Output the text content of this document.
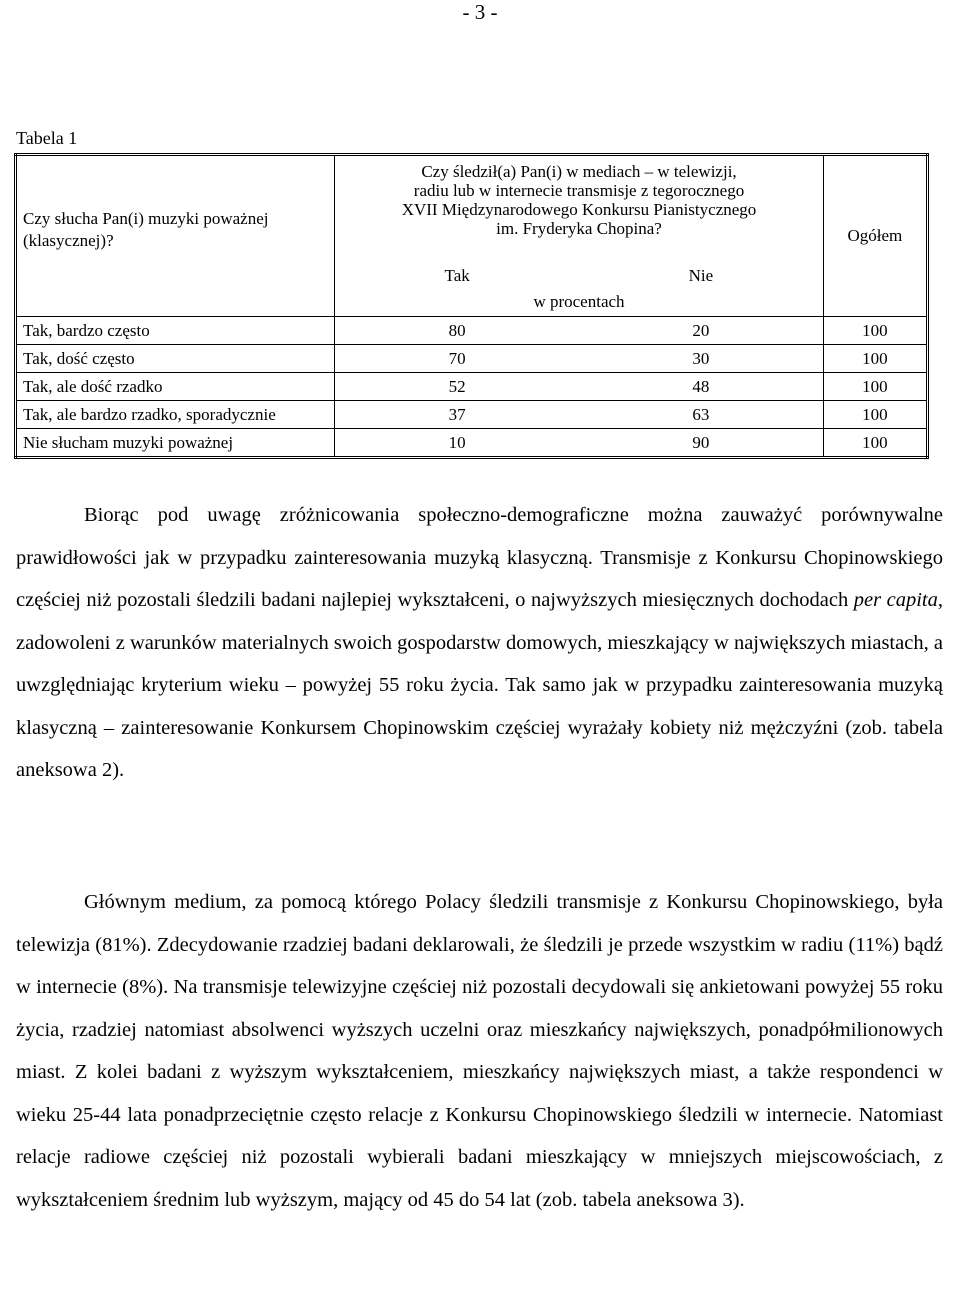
- 3 -
Tabela 1
Czy słucha Pan(i) muzyki poważnej (klasycznej)?	Czy śledził(a) Pan(i) w mediach – w telewizji,
radiu lub w internecie transmisje z tegorocznego
XVII Międzynarodowego Konkursu Pianistycznego
im. Fryderyka Chopina?		Ogółem
	Tak	Nie	
	w procentach		
Tak, bardzo często	80	20	100
Tak, dość często	70	30	100
Tak, ale dość rzadko	52	48	100
Tak, ale bardzo rzadko, sporadycznie	37	63	100
Nie słucham muzyki poważnej	10	90	100

Biorąc pod uwagę zróżnicowania społeczno-demograficzne można zauważyć porównywalne prawidłowości jak w przypadku zainteresowania muzyką klasyczną. Transmisje z Konkursu Chopinowskiego częściej niż pozostali śledzili badani najlepiej wykształceni, o najwyższych miesięcznych dochodach per capita, zadowoleni z warunków materialnych swoich gospodarstw domowych, mieszkający w największych miastach, a uwzględniając kryterium wieku – powyżej 55 roku życia. Tak samo jak w przypadku zainteresowania muzyką klasyczną – zainteresowanie Konkursem Chopinowskim częściej wyrażały kobiety niż mężczyźni (zob. tabela aneksowa 2).

Głównym medium, za pomocą którego Polacy śledzili transmisje z Konkursu Chopinowskiego, była telewizja (81%). Zdecydowanie rzadziej badani deklarowali, że śledzili je przede wszystkim w radiu (11%) bądź w internecie (8%). Na transmisje telewizyjne częściej niż pozostali decydowali się ankietowani powyżej 55 roku życia, rzadziej natomiast absolwenci wyższych uczelni oraz mieszkańcy największych, ponadpółmilionowych miast. Z kolei badani z wyższym wykształceniem, mieszkańcy największych miast, a także respondenci w wieku 25-44 lata ponadprzeciętnie często relacje z Konkursu Chopinowskiego śledzili w internecie. Natomiast relacje radiowe częściej niż pozostali wybierali badani mieszkający w mniejszych miejscowościach, z wykształceniem średnim lub wyższym, mający od 45 do 54 lat (zob. tabela aneksowa 3).
